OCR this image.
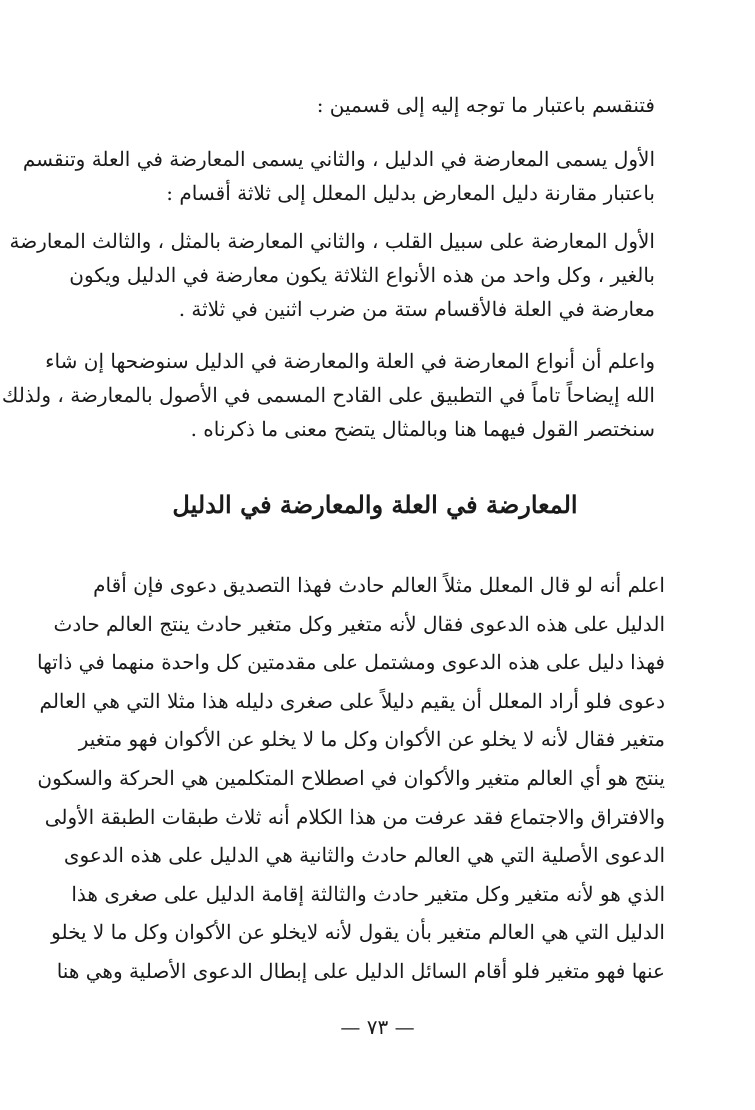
فتنقسم باعتبار ما توجه إليه إلى قسمين :
الأول يسمى المعارضة في الدليل ، والثاني يسمى المعارضة في العلة وتنقسم
باعتبار مقارنة دليل المعارض بدليل المعلل إلى ثلاثة أقسام :
الأول المعارضة على سبيل القلب ، والثاني المعارضة بالمثل ، والثالث المعارضة
بالغير ، وكل واحد من هذه الأنواع الثلاثة يكون معارضة في الدليل ويكون
معارضة في العلة فالأقسام ستة من ضرب اثنين في ثلاثة .
واعلم أن أنواع المعارضة في العلة والمعارضة في الدليل سنوضحها إن شاء
الله إيضاحاً تاماً في التطبيق على القادح المسمى في الأصول بالمعارضة ، ولذلك
سنختصر القول فيهما هنا وبالمثال يتضح معنى ما ذكرناه .
المعارضة في العلة والمعارضة في الدليل
اعلم أنه لو قال المعلل مثلاً العالم حادث فهذا التصديق دعوى فإن أقام
الدليل على هذه الدعوى فقال لأنه متغير وكل متغير حادث ينتج العالم حادث
فهذا دليل على هذه الدعوى ومشتمل على مقدمتين كل واحدة منهما في ذاتها
دعوى فلو أراد المعلل أن يقيم دليلاً على صغرى دليله هذا مثلا التي هي العالم
متغير فقال لأنه لا يخلو عن الأكوان وكل ما لا يخلو عن الأكوان فهو متغير
ينتج هو أي العالم متغير والأكوان في اصطلاح المتكلمين هي الحركة والسكون
والافتراق والاجتماع فقد عرفت من هذا الكلام أنه ثلاث طبقات الطبقة الأولى
الدعوى الأصلية التي هي العالم حادث والثانية هي الدليل على هذه الدعوى
الذي هو لأنه متغير وكل متغير حادث والثالثة إقامة الدليل على صغرى هذا
الدليل التي هي العالم متغير بأن يقول لأنه لايخلو عن الأكوان وكل ما لا يخلو
عنها فهو متغير فلو أقام السائل الدليل على إبطال الدعوى الأصلية وهي هنا
— ٧٣ —
